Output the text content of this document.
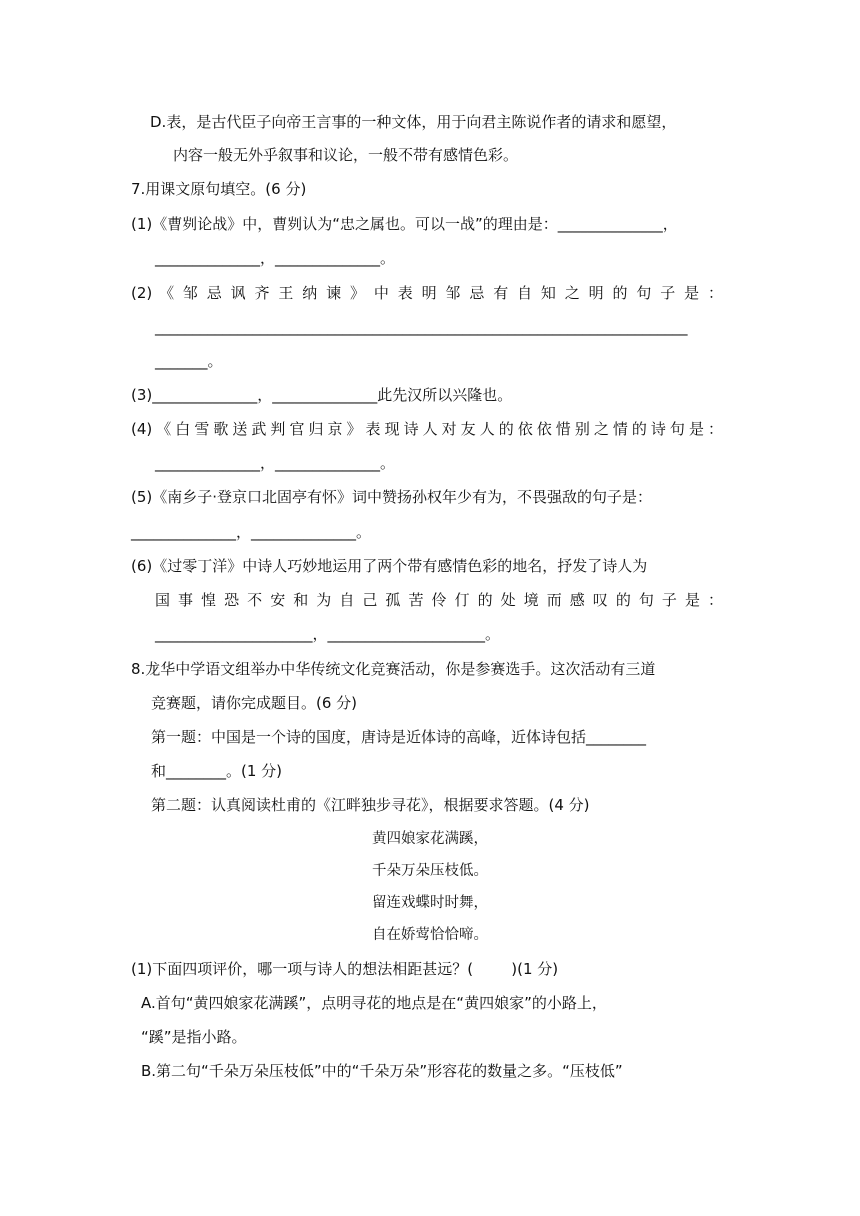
D.表，是古代臣子向帝王言事的一种文体，用于向君主陈说作者的请求和愿望，
内容一般无外乎叙事和议论，一般不带有感情色彩。
7.用课文原句填空。(6 分)
(1)《曹刿论战》中，曹刿认为“忠之属也。可以一战”的理由是：______________，
______________，______________。
(2) 《 邹 忌 讽 齐 王 纳 谏 》 中 表 明 邹 忌 有 自 知 之 明 的 句 子 是 ：
_______________________________________________________________________
_______。
(3)______________，______________此先汉所以兴隆也。
(4)《白雪歌送武判官归京》表现诗人对友人的依依惜别之情的诗句是：
______________，______________。
(5)《南乡子·登京口北固亭有怀》词中赞扬孙权年少有为，不畏强敌的句子是：
______________，______________。
(6)《过零丁洋》中诗人巧妙地运用了两个带有感情色彩的地名，抒发了诗人为
国 事 惶 恐 不 安 和 为 自 己 孤 苦 伶 仃 的 处 境 而 感 叹 的 句 子 是 ：
_____________________，_____________________。
8.龙华中学语文组举办中华传统文化竞赛活动，你是参赛选手。这次活动有三道
竞赛题，请你完成题目。(6 分)
第一题：中国是一个诗的国度，唐诗是近体诗的高峰，近体诗包括________
和________。(1 分)
第二题：认真阅读杜甫的《江畔独步寻花》，根据要求答题。(4 分)
黄四娘家花满蹊，
千朵万朵压枝低。
留连戏蝶时时舞，
自在娇莺恰恰啼。
(1)下面四项评价，哪一项与诗人的想法相距甚远？(        )(1 分)
A.首句“黄四娘家花满蹊”，点明寻花的地点是在“黄四娘家”的小路上，
“蹊”是指小路。
B.第二句“千朵万朵压枝低”中的“千朵万朵”形容花的数量之多。“压枝低”
